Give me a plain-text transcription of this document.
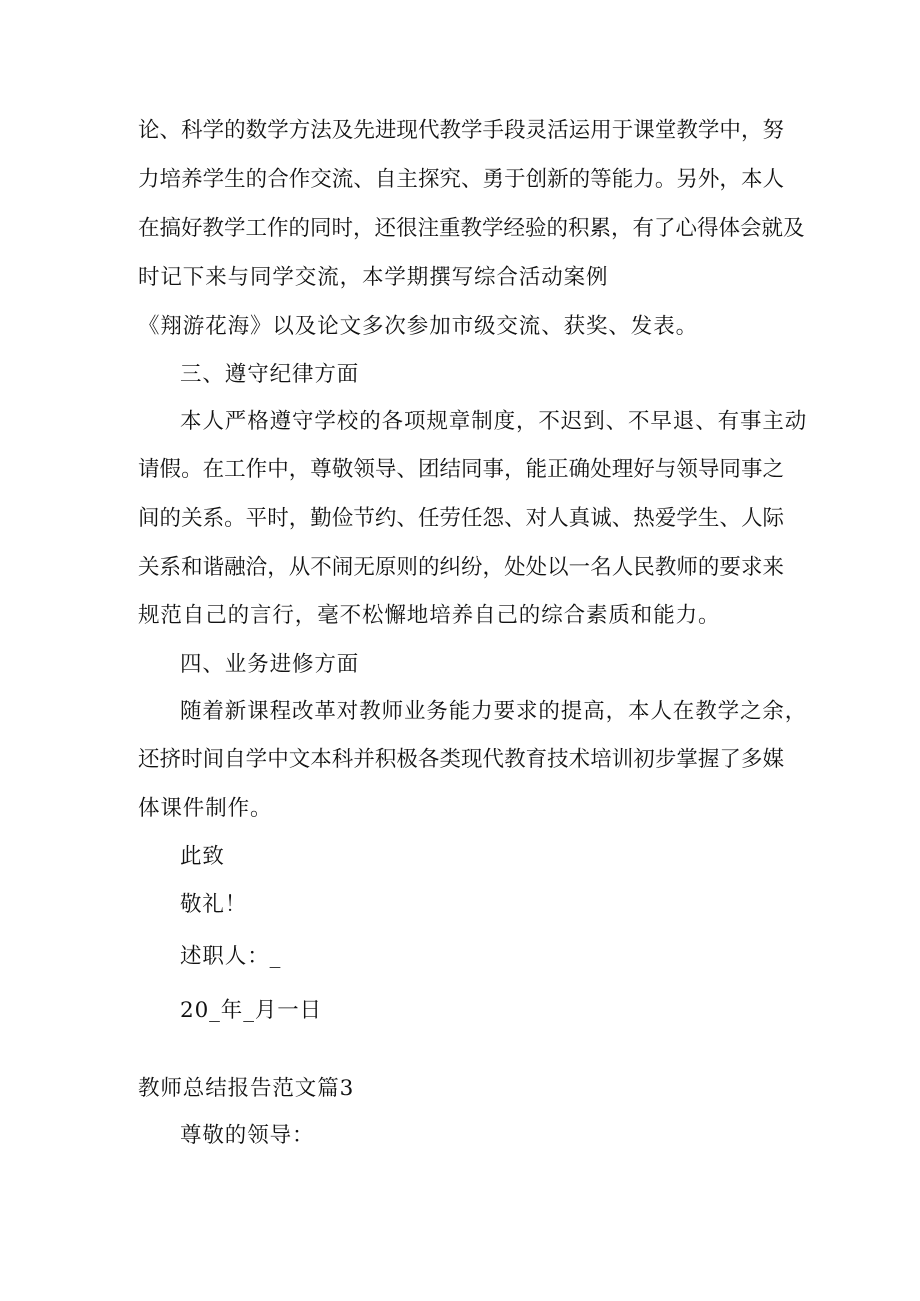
论、科学的数学方法及先进现代教学手段灵活运用于课堂教学中，努
力培养学生的合作交流、自主探究、勇于创新的等能力。另外，本人
在搞好教学工作的同时，还很注重教学经验的积累，有了心得体会就及
时记下来与同学交流，本学期撰写综合活动案例
《翔游花海》以及论文多次参加市级交流、获奖、发表。
三、遵守纪律方面
本人严格遵守学校的各项规章制度，不迟到、不早退、有事主动
请假。在工作中，尊敬领导、团结同事，能正确处理好与领导同事之
间的关系。平时，勤俭节约、任劳任怨、对人真诚、热爱学生、人际
关系和谐融洽，从不闹无原则的纠纷，处处以一名人民教师的要求来
规范自己的言行，毫不松懈地培养自己的综合素质和能力。
四、业务进修方面
随着新课程改革对教师业务能力要求的提高，本人在教学之余，
还挤时间自学中文本科并积极各类现代教育技术培训初步掌握了多媒
体课件制作。
此致
敬礼！
述职人：_
20_年_月一日
教师总结报告范文篇3
尊敬的领导：
